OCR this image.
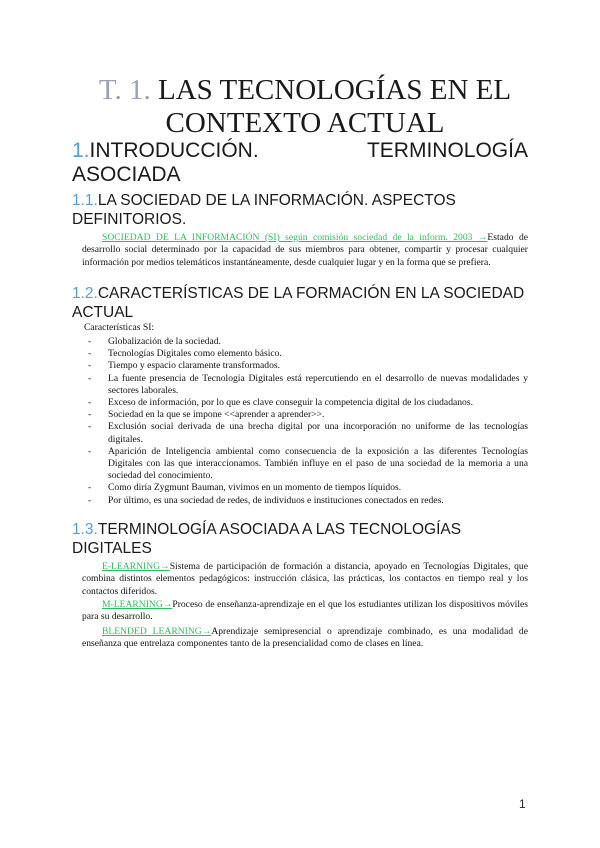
T. 1. LAS TECNOLOGÍAS EN EL CONTEXTO ACTUAL
1.INTRODUCCIÓN.	TERMINOLOGÍA
ASOCIADA
1.1.LA SOCIEDAD DE LA INFORMACIÓN. ASPECTOS DEFINITORIOS.
SOCIEDAD DE LA INFORMACIÓN (SI) según comisión sociedad de la inform. 2003 →Estado de desarrollo social determinado por la capacidad de sus miembros para obtener, compartir y procesar cualquier información por medios telemáticos instantáneamente, desde cualquier lugar y en la forma que se prefiera.
1.2.CARACTERÍSTICAS DE LA FORMACIÓN EN LA SOCIEDAD ACTUAL
Características SI:
- Globalización de la sociedad.
- Tecnologías Digitales como elemento básico.
- Tiempo y espacio claramente transformados.
- La fuente presencia de Tecnología Digitales está repercutiendo en el desarrollo de nuevas modalidades y sectores laborales.
- Exceso de información, por lo que es clave conseguir la competencia digital de los ciudadanos.
- Sociedad en la que se impone <<aprender a aprender>>.
- Exclusión social derivada de una brecha digital por una incorporación no uniforme de las tecnologías digitales.
- Aparición de Inteligencia ambiental como consecuencia de la exposición a las diferentes Tecnologías Digitales con las que interaccionamos. También influye en el paso de una sociedad de la memoria a una sociedad del conocimiento.
- Como diría Zygmunt Bauman, vivimos en un momento de tiempos líquidos.
- Por último, es una sociedad de redes, de individuos e instituciones conectados en redes.
1.3.TERMINOLOGÍA ASOCIADA A LAS TECNOLOGÍAS DIGITALES
E-LEARNING→Sistema de participación de formación a distancia, apoyado en Tecnologías Digitales, que combina distintos elementos pedagógicos: instrucción clásica, las prácticas, los contactos en tiempo real y los contactos diferidos.
M-LEARNING→Proceso de enseñanza-aprendizaje en el que los estudiantes utilizan los dispositivos móviles para su desarrollo.
BLENDED LEARNING→Aprendizaje semipresencial o aprendizaje combinado, es una modalidad de enseñanza que entrelaza componentes tanto de la presencialidad como de clases en línea.
1
